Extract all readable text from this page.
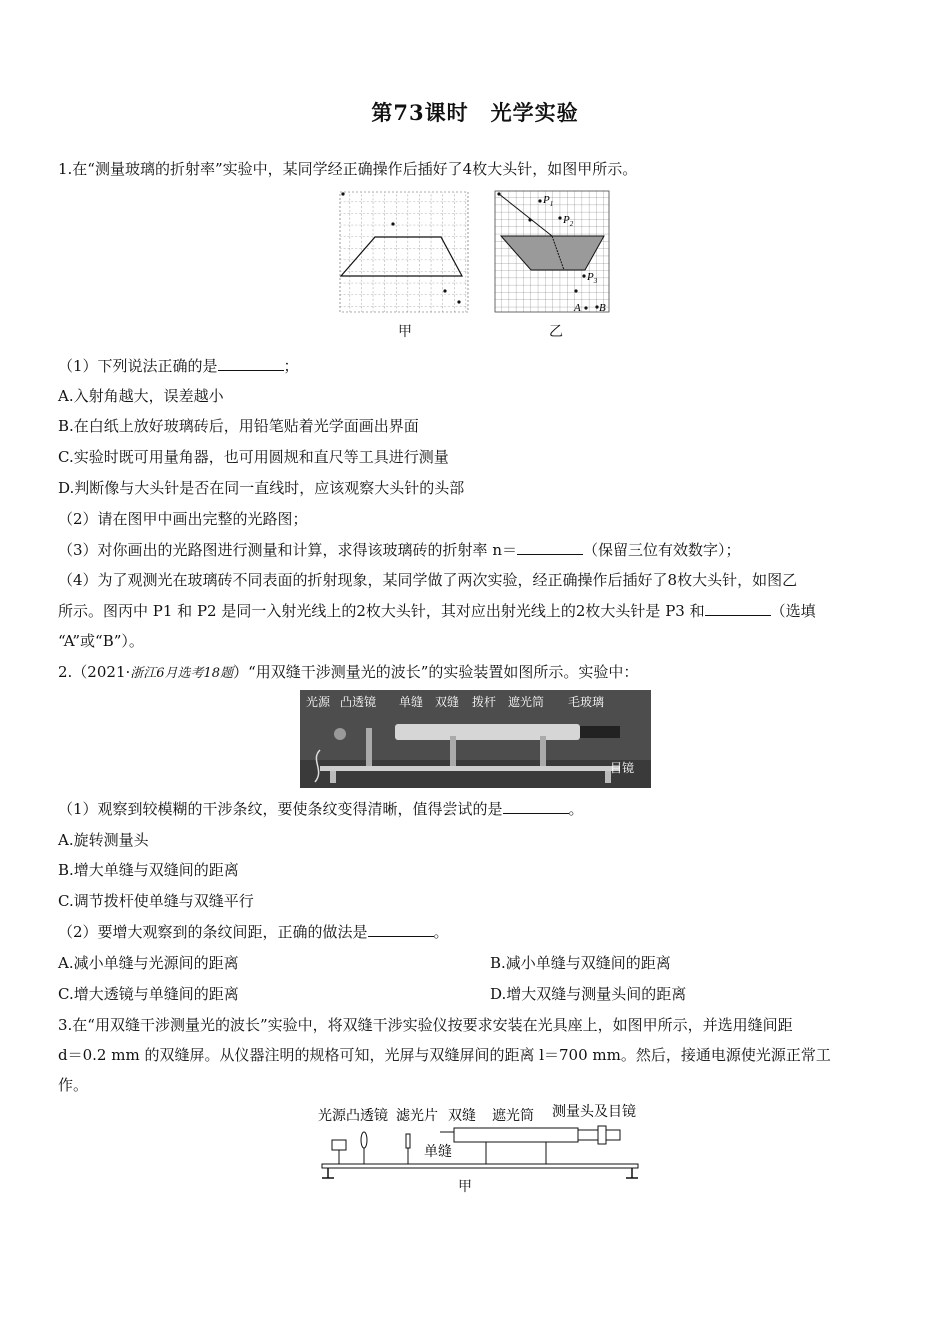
第73课时　光学实验
1.在“测量玻璃的折射率”实验中，某同学经正确操作后插好了4枚大头针，如图甲所示。
甲
$P_1$
$P_2$
$P_3$
A B
乙
（1）下列说法正确的是	；
A.入射角越大，误差越小
B.在白纸上放好玻璃砖后，用铅笔贴着光学面画出界面
C.实验时既可用量角器，也可用圆规和直尺等工具进行测量
D.判断像与大头针是否在同一直线时，应该观察大头针的头部
（2）请在图甲中画出完整的光路图；
（3）对你画出的光路图进行测量和计算，求得该玻璃砖的折射率 n＝	（保留三位有效数字）；
（4）为了观测光在玻璃砖不同表面的折射现象，某同学做了两次实验，经正确操作后插好了8枚大头针，如图乙
所示。图丙中 P1 和 P2 是同一入射光线上的2枚大头针，其对应出射光线上的2枚大头针是 P3 和	（选填
“A”或“B”）。
2.（2021·浙江6月选考18题）“用双缝干涉测量光的波长”的实验装置如图所示。实验中：
光源 凸透镜 单缝 双缝 拨杆 遮光筒 毛玻璃
目镜
（1）观察到较模糊的干涉条纹，要使条纹变得清晰，值得尝试的是	。
A.旋转测量头
B.增大单缝与双缝间的距离
C.调节拨杆使单缝与双缝平行
（2）要增大观察到的条纹间距，正确的做法是	。
A.减小单缝与光源间的距离	B.减小单缝与双缝间的距离
C.增大透镜与单缝间的距离	D.增大双缝与测量头间的距离
3.在“用双缝干涉测量光的波长”实验中，将双缝干涉实验仪按要求安装在光具座上，如图甲所示，并选用缝间距
d＝0.2 mm 的双缝屏。从仪器注明的规格可知，光屏与双缝屏间的距离 l＝700 mm。然后，接通电源使光源正常工
作。
光源 凸透镜 滤光片 双缝 遮光筒 测量头及目镜
单缝
甲
